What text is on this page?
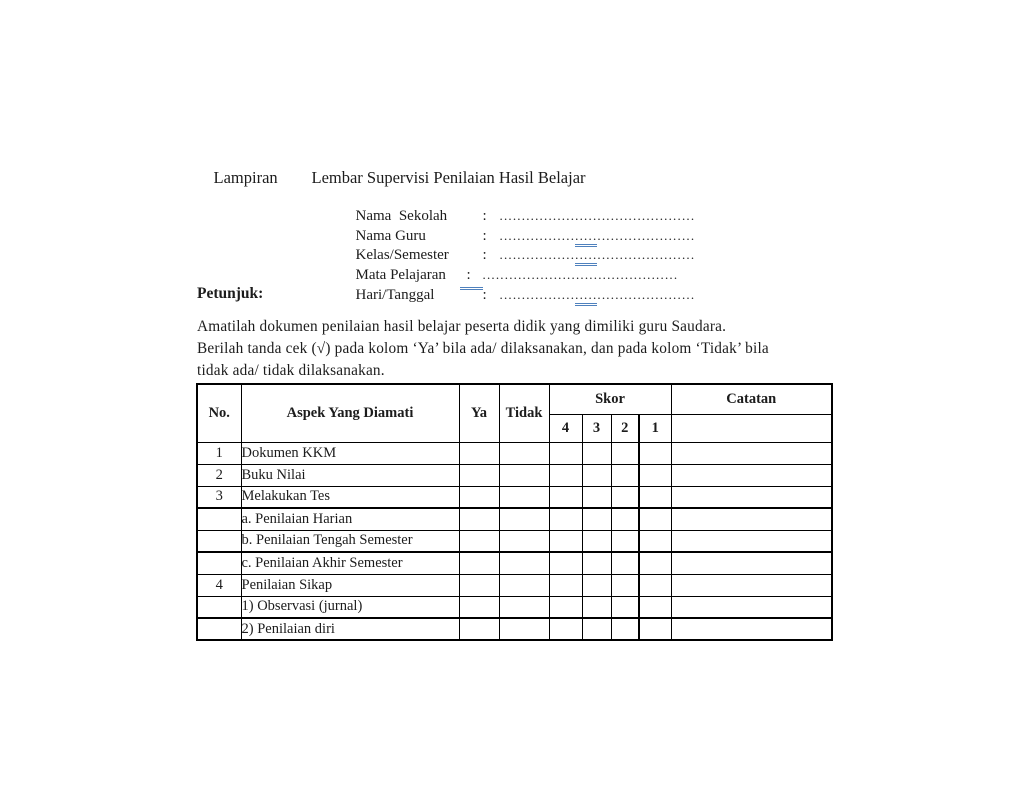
Lampiran Lembar Supervisi Penilaian Hasil Belajar

Nama  Sekolah : ............................................

Nama Guru	: ............................................

Kelas/Semester : ............................................

Mata Pelajaran : ............................................

Hari/Tanggal	: ............................................

Petunjuk:
Amatilah dokumen penilaian hasil belajar peserta didik yang dimiliki guru Saudara.
Berilah tanda cek (√) pada kolom ‘Ya’ bila ada/ dilaksanakan, dan pada kolom ‘Tidak’ bila
tidak ada/ tidak dilaksanakan.
No.	Aspek Yang Diamati	Ya	Tidak	Skor				Catatan
				4	3	2	1	
1	Dokumen KKM							
2	Buku Nilai							
3	Melakukan Tes							
	a. Penilaian Harian							
	b. Penilaian Tengah Semester							
	c. Penilaian Akhir Semester							
4	Penilaian Sikap							
	1) Observasi (jurnal)							
	2) Penilaian diri							
